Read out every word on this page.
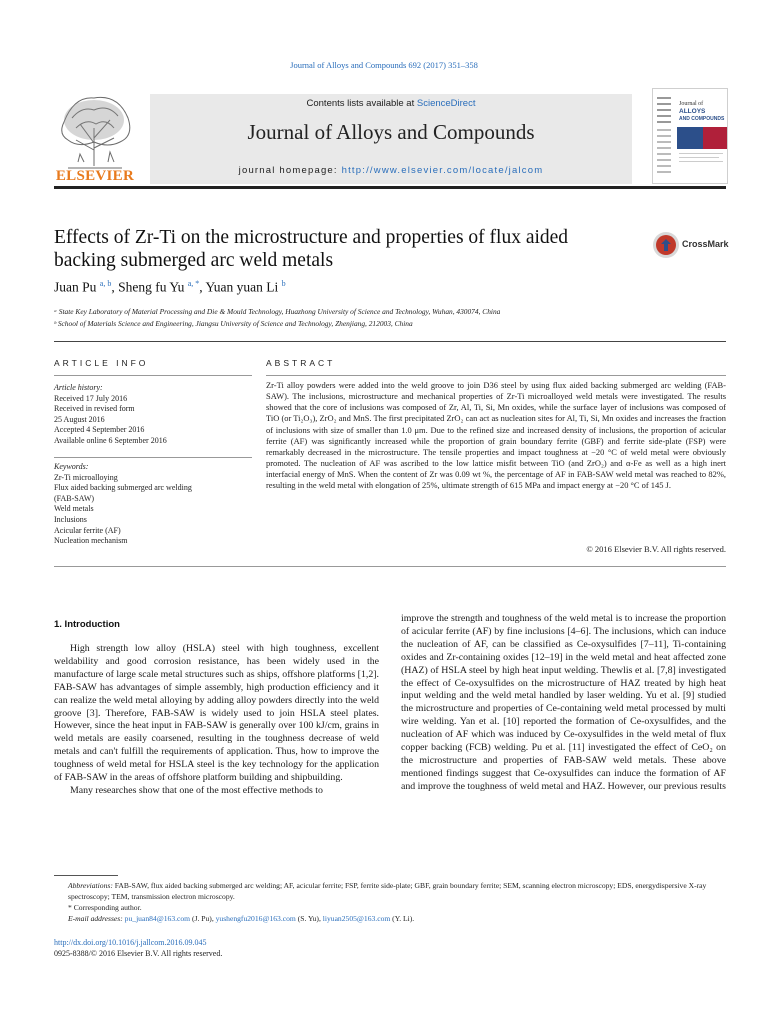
Journal of Alloys and Compounds 692 (2017) 351–358
ELSEVIER
Contents lists available at ScienceDirect
Journal of Alloys and Compounds
journal homepage: http://www.elsevier.com/locate/jalcom
Journal of
ALLOYS
AND COMPOUNDS
Effects of Zr-Ti on the microstructure and properties of flux aided backing submerged arc weld metals
CrossMark
Juan Pu $^{a, b}$, Sheng fu Yu $^{a, *}$, Yuan yuan Li $^b$
ᵃ State Key Laboratory of Material Processing and Die & Mould Technology, Huazhong University of Science and Technology, Wuhan, 430074, China
ᵇ School of Materials Science and Engineering, Jiangsu University of Science and Technology, Zhenjiang, 212003, China
ARTICLE INFO	ABSTRACT
Article history:
Received 17 July 2016
Received in revised form
25 August 2016
Accepted 4 September 2016
Available online 6 September 2016
Keywords:
Zr-Ti microalloying
Flux aided backing submerged arc welding
(FAB-SAW)
Weld metals
Inclusions
Acicular ferrite (AF)
Nucleation mechanism
Zr-Ti alloy powders were added into the weld groove to join D36 steel by using flux aided backing submerged arc welding (FAB-SAW). The inclusions, microstructure and mechanical properties of Zr-Ti microalloyed weld metals were investigated. The results showed that the core of inclusions was composed of Zr, Al, Ti, Si, Mn oxides, while the surface layer of inclusions was composed of TiO (or Ti₂O₃), ZrO₂ and MnS. The first precipitated ZrO₂ can act as nucleation sites for Al, Ti, Si, Mn oxides and increases the fraction of inclusions with size of smaller than 1.0 μm. Due to the refined size and increased density of inclusions, the proportion of acicular ferrite (AF) was significantly increased while the proportion of grain boundary ferrite (GBF) and ferrite side-plate (FSP) were remarkably decreased in the microstructure. The tensile properties and impact toughness at −20 °C of weld metal were obviously promoted. The nucleation of AF was ascribed to the low lattice misfit between TiO (and ZrO₂) and α-Fe as well as a high inert interfacial energy of MnS. When the content of Zr was 0.09 wt %, the percentage of AF in FAB-SAW weld metal was reached to 82%, resulting in the weld metal with elongation of 25%, ultimate strength of 615 MPa and impact energy at −20 °C of 145 J.
© 2016 Elsevier B.V. All rights reserved.
1. Introduction

High strength low alloy (HSLA) steel with high toughness, excellent weldability and good corrosion resistance, has been widely used in the manufacture of large scale metal structures such as ships, offshore platforms [1,2]. FAB-SAW has advantages of simple assembly, high production efficiency and it can realize the weld metal alloying by adding alloy powders directly into the weld groove [3]. Therefore, FAB-SAW is widely used to join HSLA steel plates. However, since the heat input in FAB-SAW is generally over 100 kJ/cm, grains in weld metals are easily coarsened, resulting in the toughness decrease of weld metals and can't fulfill the requirements of application. Thus, how to improve the toughness of weld metal for HSLA steel is the key technology for the application of FAB-SAW in the areas of offshore platform building and shipbuilding.

Many researches show that one of the most effective methods to

improve the strength and toughness of the weld metal is to increase the proportion of acicular ferrite (AF) by fine inclusions [4–6]. The inclusions, which can induce the nucleation of AF, can be classified as Ce-oxysulfides [7–11], Ti-containing oxides and Zr-containing oxides [12–19] in the weld metal and heat affected zone (HAZ) of HSLA steel by high heat input welding. Thewlis et al. [7,8] investigated the effect of Ce-oxysulfides on the microstructure of HAZ treated by high heat input welding and the weld metal handled by laser welding. Yu et al. [9] studied the microstructure and properties of Ce-containing weld metal processed by multi wire welding. Yan et al. [10] reported the formation of Ce-oxysulfides, and the nucleation of AF which was induced by Ce-oxysulfides in the weld metal of flux copper backing (FCB) welding. Pu et al. [11] investigated the effect of CeO₂ on the microstructure and properties of FAB-SAW weld metals. These above mentioned findings suggest that Ce-oxysulfides can induce the formation of AF and improve the toughness of weld metal and HAZ. However, our previous results

Abbreviations: FAB-SAW, flux aided backing submerged arc welding; AF, acicular ferrite; FSP, ferrite side-plate; GBF, grain boundary ferrite; SEM, scanning electron microscopy; EDS, energydispersive X-ray spectroscopy; TEM, transmission electron microscopy.
* Corresponding author.
E-mail addresses: pu_juan84@163.com (J. Pu), yushengfu2016@163.com (S. Yu), liyuan2505@163.com (Y. Li).
http://dx.doi.org/10.1016/j.jallcom.2016.09.045
0925-8388/© 2016 Elsevier B.V. All rights reserved.
